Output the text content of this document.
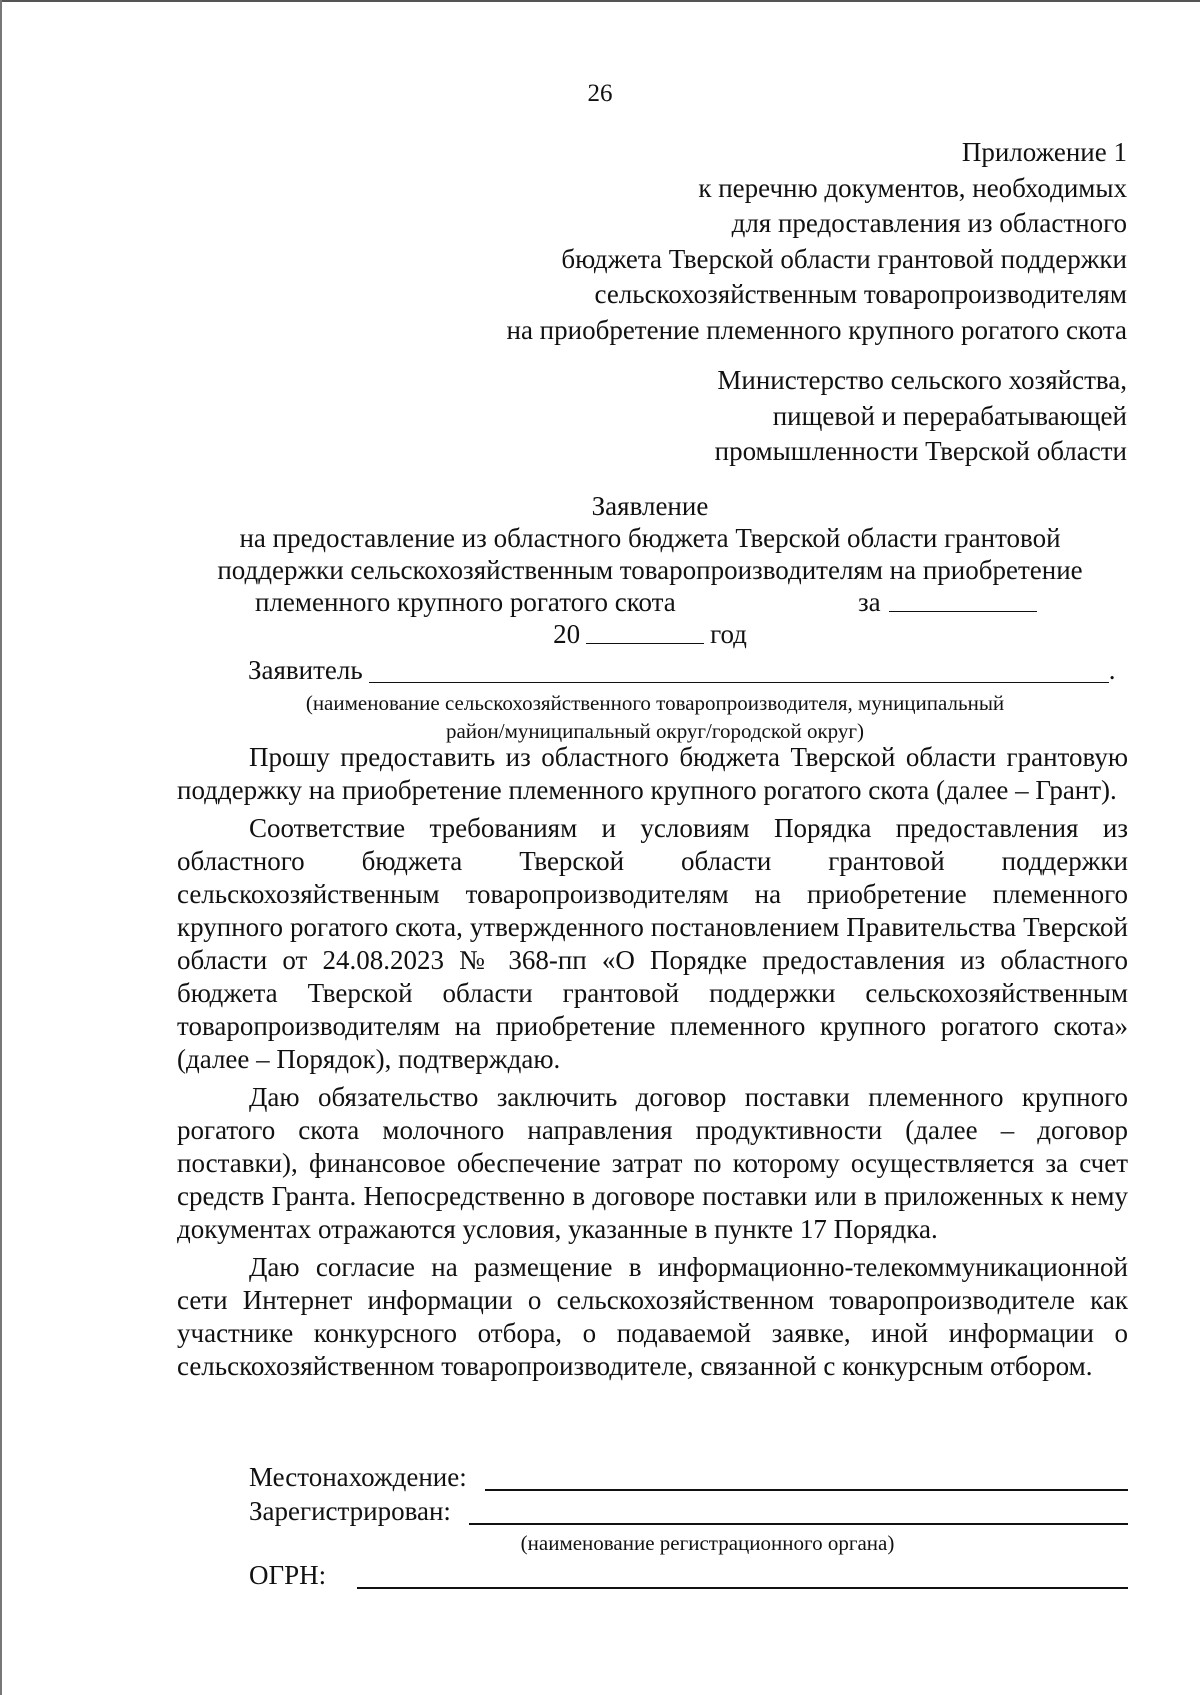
26
Приложение 1
к перечню документов, необходимых
для предоставления из областного
бюджета Тверской области грантовой поддержки
сельскохозяйственным товаропроизводителям
на приобретение племенного крупного рогатого скота
Министерство сельского хозяйства,
пищевой и перерабатывающей
промышленности Тверской области
Заявление
на предоставление из областного бюджета Тверской области грантовой
поддержки сельскохозяйственным товаропроизводителям на приобретение
племенного крупного рогатого скота	за
20	год
Заявитель	.
(наименование сельскохозяйственного товаропроизводителя, муниципальный
район/муниципальный округ/городской округ)

Прошу предоставить из областного бюджета Тверской области грантовую поддержку на приобретение племенного крупного рогатого скота (далее – Грант).

Соответствие требованиям и условиям Порядка предоставления из областного бюджета Тверской области грантовой поддержки сельскохозяйственным товаропроизводителям на приобретение племенного крупного рогатого скота, утвержденного постановлением Правительства Тверской области от 24.08.2023 № 368-пп «О Порядке предоставления из областного бюджета Тверской области грантовой поддержки сельскохозяйственным товаропроизводителям на приобретение племенного крупного рогатого скота» (далее – Порядок), подтверждаю.

Даю обязательство заключить договор поставки племенного крупного рогатого скота молочного направления продуктивности (далее – договор поставки), финансовое обеспечение затрат по которому осуществляется за счет средств Гранта. Непосредственно в договоре поставки или в приложенных к нему документах отражаются условия, указанные в пункте 17 Порядка.

Даю согласие на размещение в информационно-телекоммуникационной сети Интернет информации о сельскохозяйственном товаропроизводителе как участнике конкурсного отбора, о подаваемой заявке, иной информации о сельскохозяйственном товаропроизводителе, связанной с конкурсным отбором.

Местонахождение:
Зарегистрирован:
(наименование регистрационного органа)
ОГРН:
